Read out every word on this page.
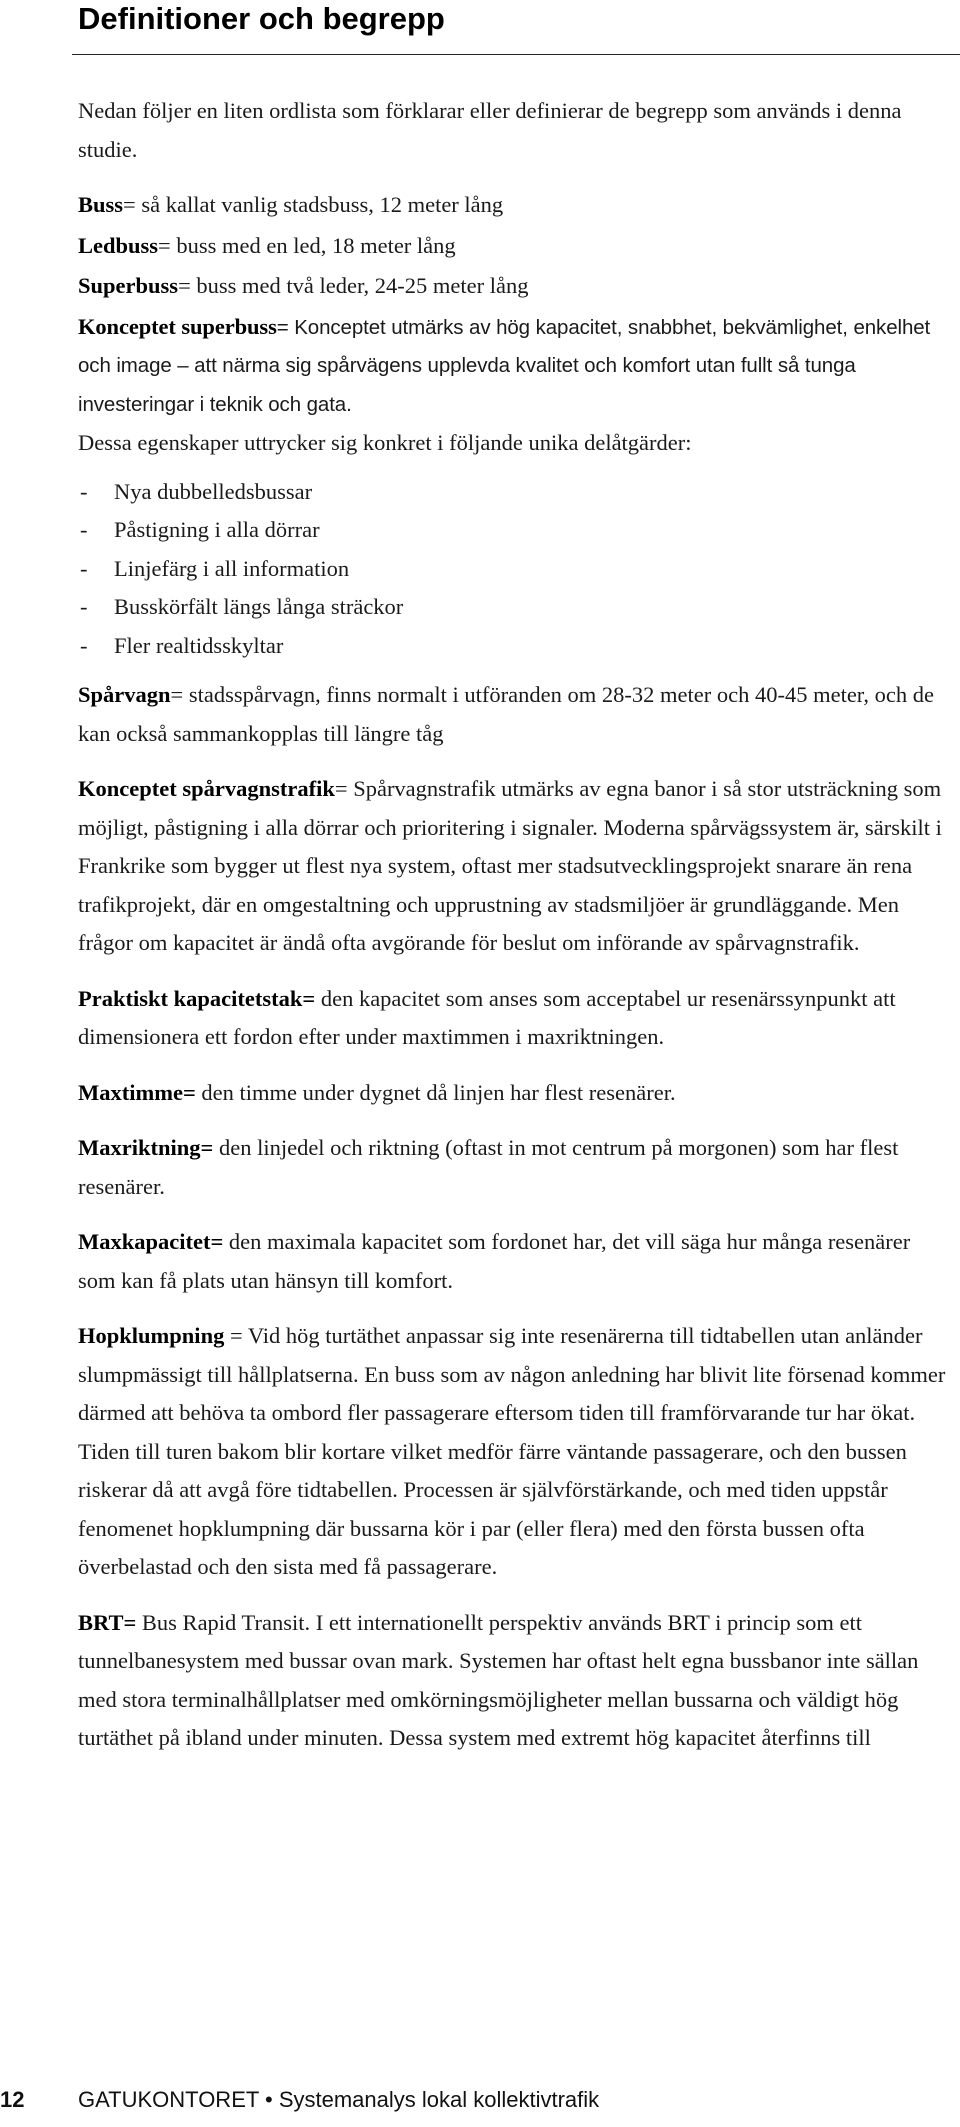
Definitioner och begrepp

Nedan följer en liten ordlista som förklarar eller definierar de begrepp som används i denna studie.

Buss= så kallat vanlig stadsbuss, 12 meter lång

Ledbuss= buss med en led, 18 meter lång

Superbuss= buss med två leder, 24-25 meter lång

Konceptet superbuss= Konceptet utmärks av hög kapacitet, snabbhet, bekvämlighet, enkelhet och image – att närma sig spårvägens upplevda kvalitet och komfort utan fullt så tunga investeringar i teknik och gata.

Dessa egenskaper uttrycker sig konkret i följande unika delåtgärder:

-	Nya dubbelledsbussar
-	Påstigning i alla dörrar
-	Linjefärg i all information
-	Busskörfält längs långa sträckor
-	Fler realtidsskyltar

Spårvagn= stadsspårvagn, finns normalt i utföranden om 28-32 meter och 40-45 meter, och de kan också sammankopplas till längre tåg

Konceptet spårvagnstrafik= Spårvagnstrafik utmärks av egna banor i så stor utsträckning som möjligt, påstigning i alla dörrar och prioritering i signaler. Moderna spårvägssystem är, särskilt i Frankrike som bygger ut flest nya system, oftast mer stadsutvecklingsprojekt snarare än rena trafikprojekt, där en omgestaltning och upprustning av stadsmiljöer är grundläggande. Men frågor om kapacitet är ändå ofta avgörande för beslut om införande av spårvagnstrafik.

Praktiskt kapacitetstak= den kapacitet som anses som acceptabel ur resenärssynpunkt att dimensionera ett fordon efter under maxtimmen i maxriktningen.

Maxtimme= den timme under dygnet då linjen har flest resenärer.

Maxriktning= den linjedel och riktning (oftast in mot centrum på morgonen) som har flest resenärer.

Maxkapacitet= den maximala kapacitet som fordonet har, det vill säga hur många resenärer som kan få plats utan hänsyn till komfort.

Hopklumpning = Vid hög turtäthet anpassar sig inte resenärerna till tidtabellen utan anländer slumpmässigt till hållplatserna. En buss som av någon anledning har blivit lite försenad kommer därmed att behöva ta ombord fler passagerare eftersom tiden till framförvarande tur har ökat. Tiden till turen bakom blir kortare vilket medför färre väntande passagerare, och den bussen riskerar då att avgå före tidtabellen. Processen är självförstärkande, och med tiden uppstår fenomenet hopklumpning där bussarna kör i par (eller flera) med den första bussen ofta överbelastad och den sista med få passagerare.

BRT= Bus Rapid Transit. I ett internationellt perspektiv används BRT i princip som ett tunnelbanesystem med bussar ovan mark. Systemen har oftast helt egna bussbanor inte sällan med stora terminalhållplatser med omkörningsmöjligheter mellan bussarna och väldigt hög turtäthet på ibland under minuten. Dessa system med extremt hög kapacitet återfinns till

12 GATUKONTORET • Systemanalys lokal kollektivtrafik
